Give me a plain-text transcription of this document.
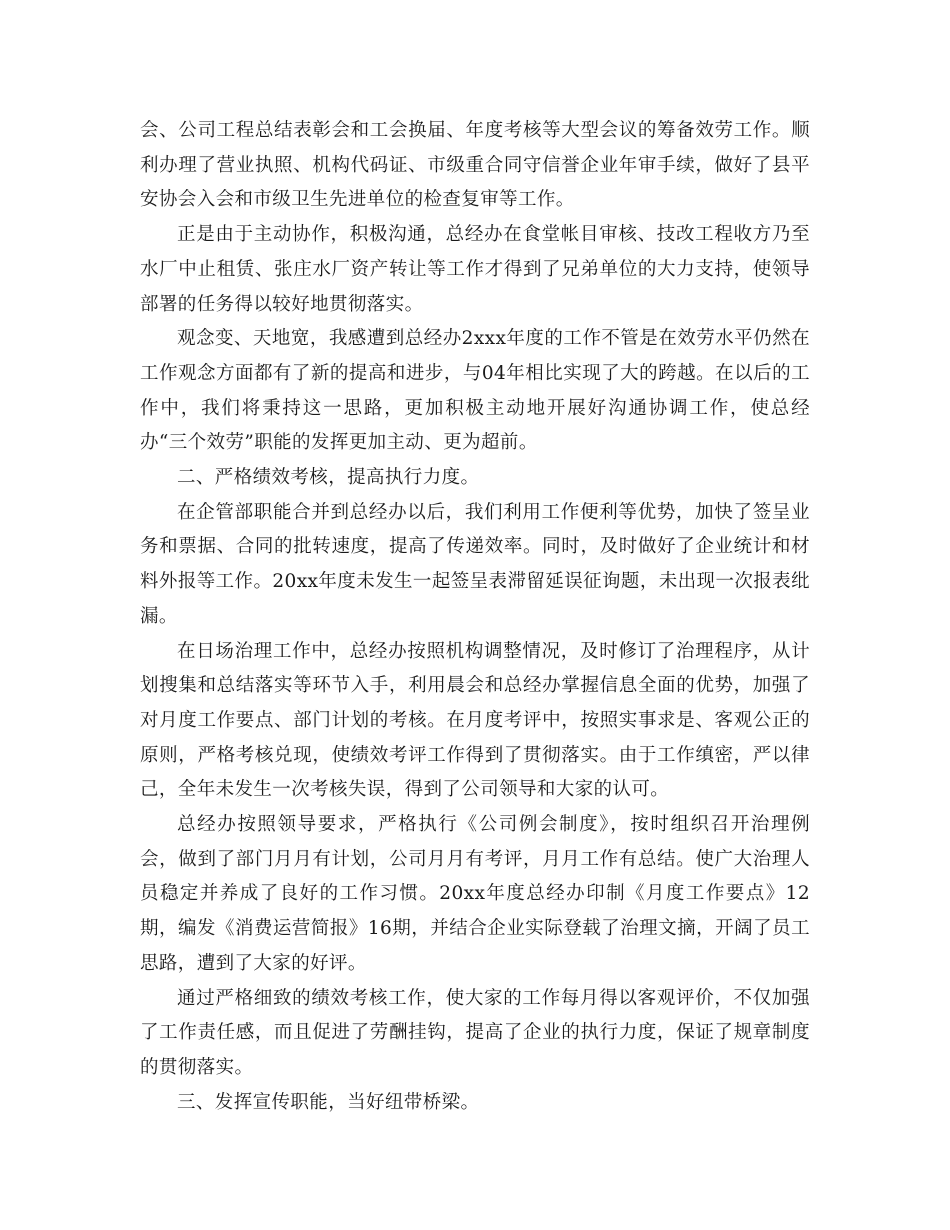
会、公司工程总结表彰会和工会换届、年度考核等大型会议的筹备效劳工作。顺利办理了营业执照、机构代码证、市级重合同守信誉企业年审手续，做好了县平安协会入会和市级卫生先进单位的检查复审等工作。

正是由于主动协作，积极沟通，总经办在食堂帐目审核、技改工程收方乃至水厂中止租赁、张庄水厂资产转让等工作才得到了兄弟单位的大力支持，使领导部署的任务得以较好地贯彻落实。

观念变、天地宽，我感遭到总经办2xxx年度的工作不管是在效劳水平仍然在工作观念方面都有了新的提高和进步，与04年相比实现了大的跨越。在以后的工作中，我们将秉持这一思路，更加积极主动地开展好沟通协调工作，使总经办“三个效劳”职能的发挥更加主动、更为超前。

二、严格绩效考核，提高执行力度。

在企管部职能合并到总经办以后，我们利用工作便利等优势，加快了签呈业务和票据、合同的批转速度，提高了传递效率。同时，及时做好了企业统计和材料外报等工作。20xx年度未发生一起签呈表滞留延误征询题，未出现一次报表纰漏。

在日场治理工作中，总经办按照机构调整情况，及时修订了治理程序，从计划搜集和总结落实等环节入手，利用晨会和总经办掌握信息全面的优势，加强了对月度工作要点、部门计划的考核。在月度考评中，按照实事求是、客观公正的原则，严格考核兑现，使绩效考评工作得到了贯彻落实。由于工作缜密，严以律己，全年未发生一次考核失误，得到了公司领导和大家的认可。

总经办按照领导要求，严格执行《公司例会制度》，按时组织召开治理例会，做到了部门月月有计划，公司月月有考评，月月工作有总结。使广大治理人员稳定并养成了良好的工作习惯。20xx年度总经办印制《月度工作要点》12期，编发《消费运营简报》16期，并结合企业实际登载了治理文摘，开阔了员工思路，遭到了大家的好评。

通过严格细致的绩效考核工作，使大家的工作每月得以客观评价，不仅加强了工作责任感，而且促进了劳酬挂钩，提高了企业的执行力度，保证了规章制度的贯彻落实。

三、发挥宣传职能，当好纽带桥梁。
